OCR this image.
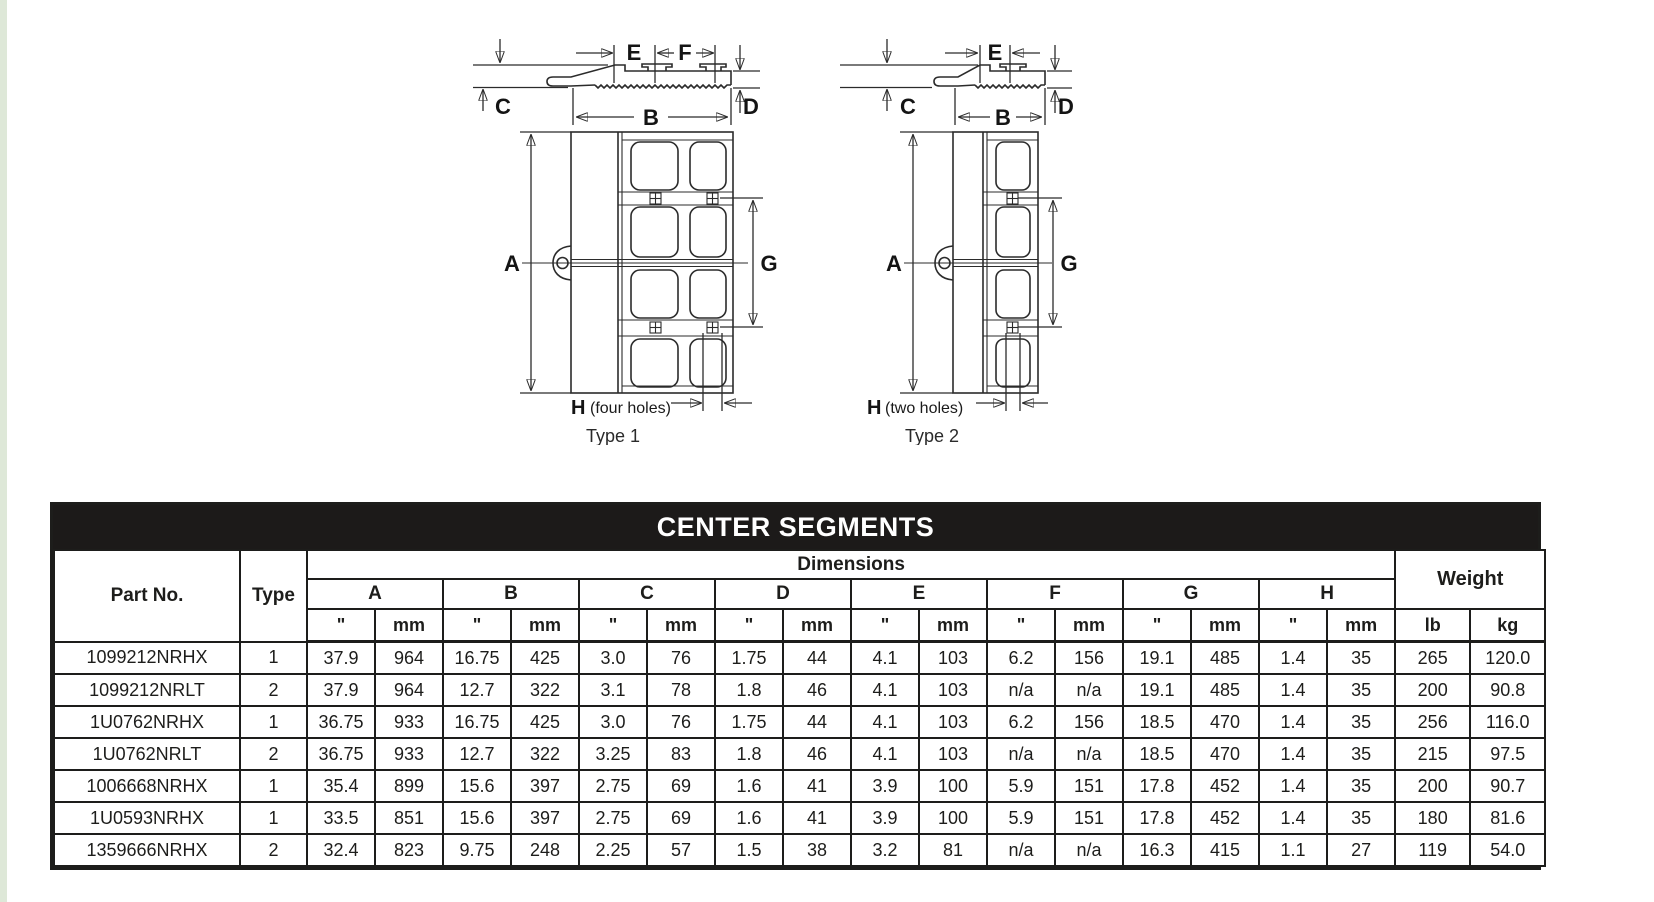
E F
D
C	B
A	G
H (four holes)
Type 1
E
D
C	B
A	G
H (two holes)
Type 2
CENTER SEGMENTS
Part No.	Type	Dimensions																Weight	
		A		B		C		D		E		F		G		H			
		"	mm	"	mm	"	mm	"	mm	"	mm	"	mm	"	mm	"	mm	lb	kg
1099212NRHX	1	37.9	964	16.75	425	3.0	76	1.75	44	4.1	103	6.2	156	19.1	485	1.4	35	265	120.0
1099212NRLT	2	37.9	964	12.7	322	3.1	78	1.8	46	4.1	103	n/a	n/a	19.1	485	1.4	35	200	90.8
1U0762NRHX	1	36.75	933	16.75	425	3.0	76	1.75	44	4.1	103	6.2	156	18.5	470	1.4	35	256	116.0
1U0762NRLT	2	36.75	933	12.7	322	3.25	83	1.8	46	4.1	103	n/a	n/a	18.5	470	1.4	35	215	97.5
1006668NRHX	1	35.4	899	15.6	397	2.75	69	1.6	41	3.9	100	5.9	151	17.8	452	1.4	35	200	90.7
1U0593NRHX	1	33.5	851	15.6	397	2.75	69	1.6	41	3.9	100	5.9	151	17.8	452	1.4	35	180	81.6
1359666NRHX	2	32.4	823	9.75	248	2.25	57	1.5	38	3.2	81	n/a	n/a	16.3	415	1.1	27	119	54.0
